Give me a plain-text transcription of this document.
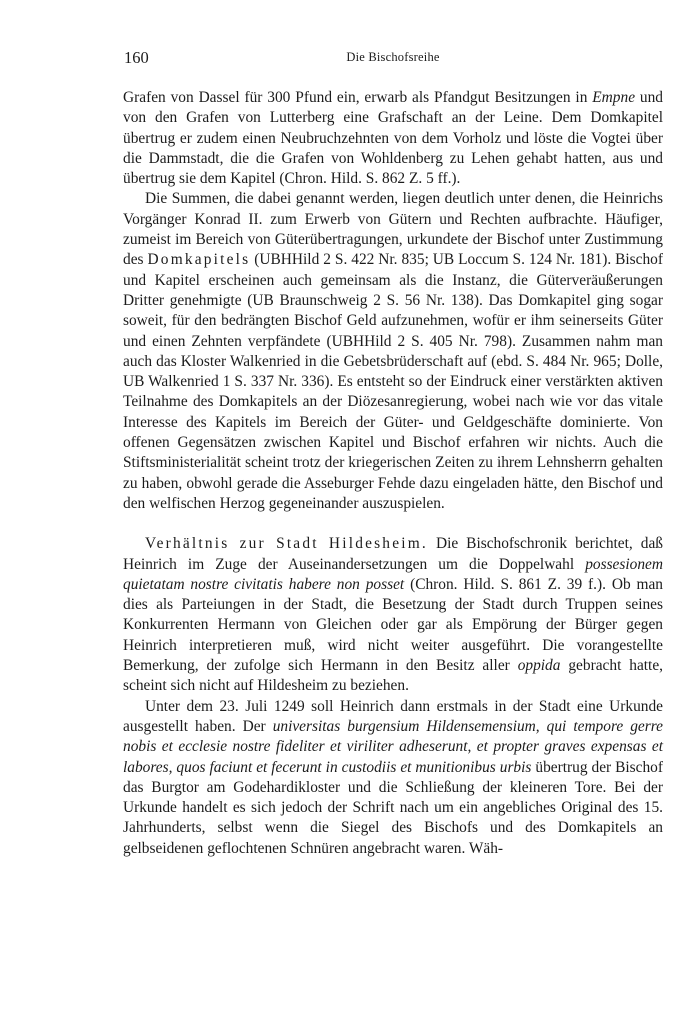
160	Die Bischofsreihe

Grafen von Dassel für 300 Pfund ein, erwarb als Pfandgut Besitzungen in Empne und von den Grafen von Lutterberg eine Grafschaft an der Leine. Dem Domkapitel übertrug er zudem einen Neubruchzehnten von dem Vorholz und löste die Vogtei über die Dammstadt, die die Grafen von Wohldenberg zu Lehen gehabt hatten, aus und übertrug sie dem Kapitel (Chron. Hild. S. 862 Z. 5 ff.).

Die Summen, die dabei genannt werden, liegen deutlich unter denen, die Heinrichs Vorgänger Konrad II. zum Erwerb von Gütern und Rechten aufbrachte. Häufiger, zumeist im Bereich von Güterübertragungen, urkundete der Bischof unter Zustimmung des Domkapitels (UBHHild 2 S. 422 Nr. 835; UB Loccum S. 124 Nr. 181). Bischof und Kapitel erscheinen auch gemeinsam als die Instanz, die Güterveräußerungen Dritter genehmigte (UB Braunschweig 2 S. 56 Nr. 138). Das Domkapitel ging sogar soweit, für den bedrängten Bischof Geld aufzunehmen, wofür er ihm seinerseits Güter und einen Zehnten verpfändete (UBHHild 2 S. 405 Nr. 798). Zusammen nahm man auch das Kloster Walkenried in die Gebetsbrüderschaft auf (ebd. S. 484 Nr. 965; Dolle, UB Walkenried 1 S. 337 Nr. 336). Es entsteht so der Eindruck einer verstärkten aktiven Teilnahme des Domkapitels an der Diözesanregierung, wobei nach wie vor das vitale Interesse des Kapitels im Bereich der Güter- und Geldgeschäfte dominierte. Von offenen Gegensätzen zwischen Kapitel und Bischof erfahren wir nichts. Auch die Stiftsministerialität scheint trotz der kriegerischen Zeiten zu ihrem Lehnsherrn gehalten zu haben, obwohl gerade die Asseburger Fehde dazu eingeladen hätte, den Bischof und den welfischen Herzog gegeneinander auszuspielen.

Verhältnis zur Stadt Hildesheim. Die Bischofschronik berichtet, daß Heinrich im Zuge der Auseinandersetzungen um die Doppelwahl possesionem quietatam nostre civitatis habere non posset (Chron. Hild. S. 861 Z. 39 f.). Ob man dies als Parteiungen in der Stadt, die Besetzung der Stadt durch Truppen seines Konkurrenten Hermann von Gleichen oder gar als Empörung der Bürger gegen Heinrich interpretieren muß, wird nicht weiter ausgeführt. Die vorangestellte Bemerkung, der zufolge sich Hermann in den Besitz aller oppida gebracht hatte, scheint sich nicht auf Hildesheim zu beziehen.

Unter dem 23. Juli 1249 soll Heinrich dann erstmals in der Stadt eine Urkunde ausgestellt haben. Der universitas burgensium Hildensemensium, qui tempore gerre nobis et ecclesie nostre fideliter et viriliter adheserunt, et propter graves expensas et labores, quos faciunt et fecerunt in custodiis et munitionibus urbis übertrug der Bischof das Burgtor am Godehardikloster und die Schließung der kleineren Tore. Bei der Urkunde handelt es sich jedoch der Schrift nach um ein angebliches Original des 15. Jahrhunderts, selbst wenn die Siegel des Bischofs und des Domkapitels an gelbseidenen geflochtenen Schnüren angebracht waren. Wäh-
